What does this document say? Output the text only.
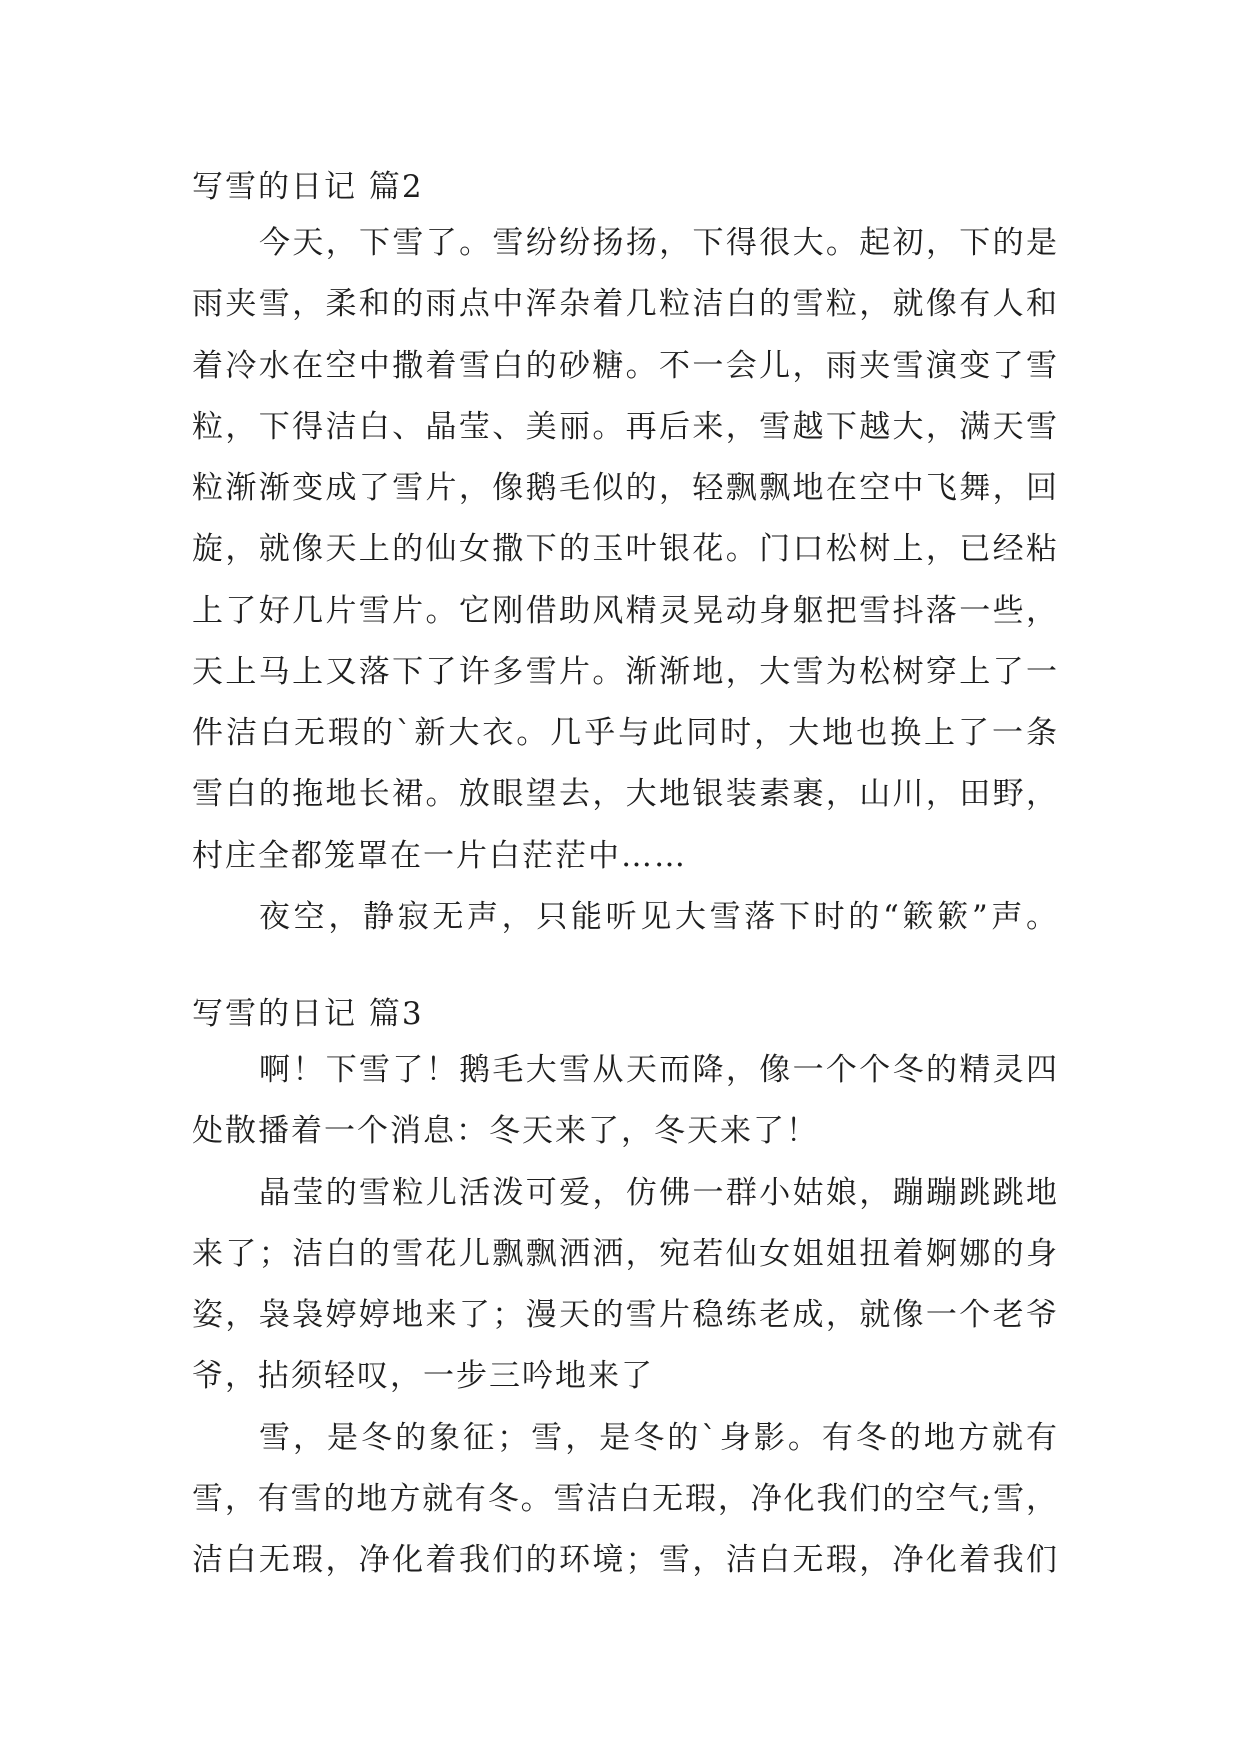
写雪的日记 篇2
今天，下雪了。雪纷纷扬扬，下得很大。起初，下的是
雨夹雪，柔和的雨点中浑杂着几粒洁白的雪粒，就像有人和
着冷水在空中撒着雪白的砂糖。不一会儿，雨夹雪演变了雪
粒，下得洁白、晶莹、美丽。再后来，雪越下越大，满天雪
粒渐渐变成了雪片，像鹅毛似的，轻飘飘地在空中飞舞，回
旋，就像天上的仙女撒下的玉叶银花。门口松树上，已经粘
上了好几片雪片。它刚借助风精灵晃动身躯把雪抖落一些，
天上马上又落下了许多雪片。渐渐地，大雪为松树穿上了一
件洁白无瑕的`新大衣。几乎与此同时，大地也换上了一条
雪白的拖地长裙。放眼望去，大地银装素裹，山川，田野，
村庄全都笼罩在一片白茫茫中……
夜空，静寂无声，只能听见大雪落下时的“簌簌”声。
写雪的日记 篇3
啊！下雪了！鹅毛大雪从天而降，像一个个冬的精灵四
处散播着一个消息：冬天来了，冬天来了！
晶莹的雪粒儿活泼可爱，仿佛一群小姑娘，蹦蹦跳跳地
来了；洁白的雪花儿飘飘洒洒，宛若仙女姐姐扭着婀娜的身
姿，袅袅婷婷地来了；漫天的雪片稳练老成，就像一个老爷
爷，拈须轻叹，一步三吟地来了
雪，是冬的象征；雪，是冬的`身影。有冬的地方就有
雪，有雪的地方就有冬。雪洁白无瑕，净化我们的空气;雪，
洁白无瑕，净化着我们的环境；雪，洁白无瑕，净化着我们
